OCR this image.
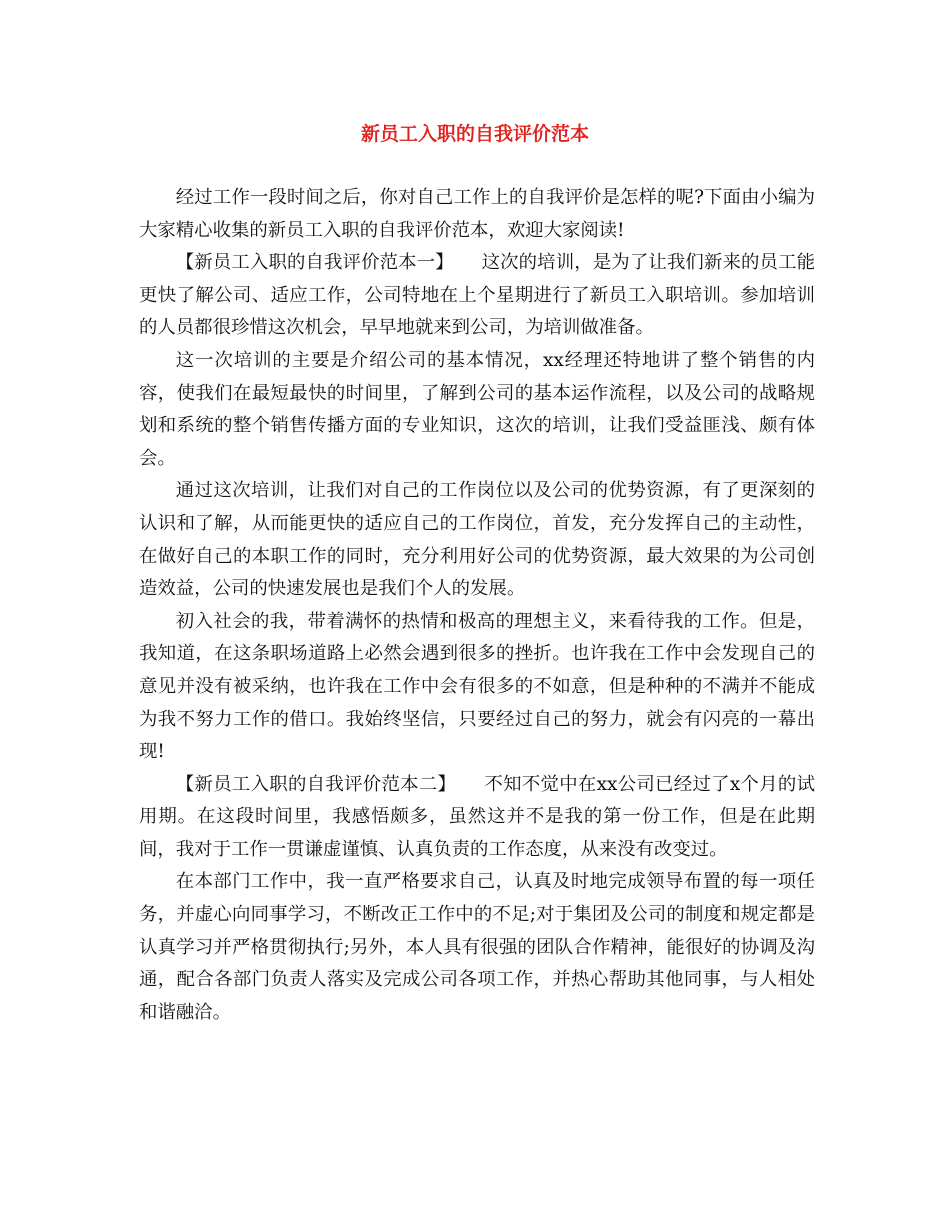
新员工入职的自我评价范本

经过工作一段时间之后，你对自己工作上的自我评价是怎样的呢?下面由小编为大家精心收集的新员工入职的自我评价范本，欢迎大家阅读!

【新员工入职的自我评价范本一】　　这次的培训，是为了让我们新来的员工能更快了解公司、适应工作，公司特地在上个星期进行了新员工入职培训。参加培训的人员都很珍惜这次机会，早早地就来到公司，为培训做准备。

这一次培训的主要是介绍公司的基本情况，xx经理还特地讲了整个销售的内容，使我们在最短最快的时间里，了解到公司的基本运作流程，以及公司的战略规划和系统的整个销售传播方面的专业知识，这次的培训，让我们受益匪浅、颇有体会。

通过这次培训，让我们对自己的工作岗位以及公司的优势资源，有了更深刻的认识和了解，从而能更快的适应自己的工作岗位，首发，充分发挥自己的主动性，在做好自己的本职工作的同时，充分利用好公司的优势资源，最大效果的为公司创造效益，公司的快速发展也是我们个人的发展。

初入社会的我，带着满怀的热情和极高的理想主义，来看待我的工作。但是，我知道，在这条职场道路上必然会遇到很多的挫折。也许我在工作中会发现自己的意见并没有被采纳，也许我在工作中会有很多的不如意，但是种种的不满并不能成为我不努力工作的借口。我始终坚信，只要经过自己的努力，就会有闪亮的一幕出现!

【新员工入职的自我评价范本二】　　不知不觉中在xx公司已经过了x个月的试用期。在这段时间里，我感悟颇多，虽然这并不是我的第一份工作，但是在此期间，我对于工作一贯谦虚谨慎、认真负责的工作态度，从来没有改变过。

在本部门工作中，我一直严格要求自己，认真及时地完成领导布置的每一项任务，并虚心向同事学习，不断改正工作中的不足;对于集团及公司的制度和规定都是认真学习并严格贯彻执行;另外，本人具有很强的团队合作精神，能很好的协调及沟通，配合各部门负责人落实及完成公司各项工作，并热心帮助其他同事，与人相处和谐融洽。
